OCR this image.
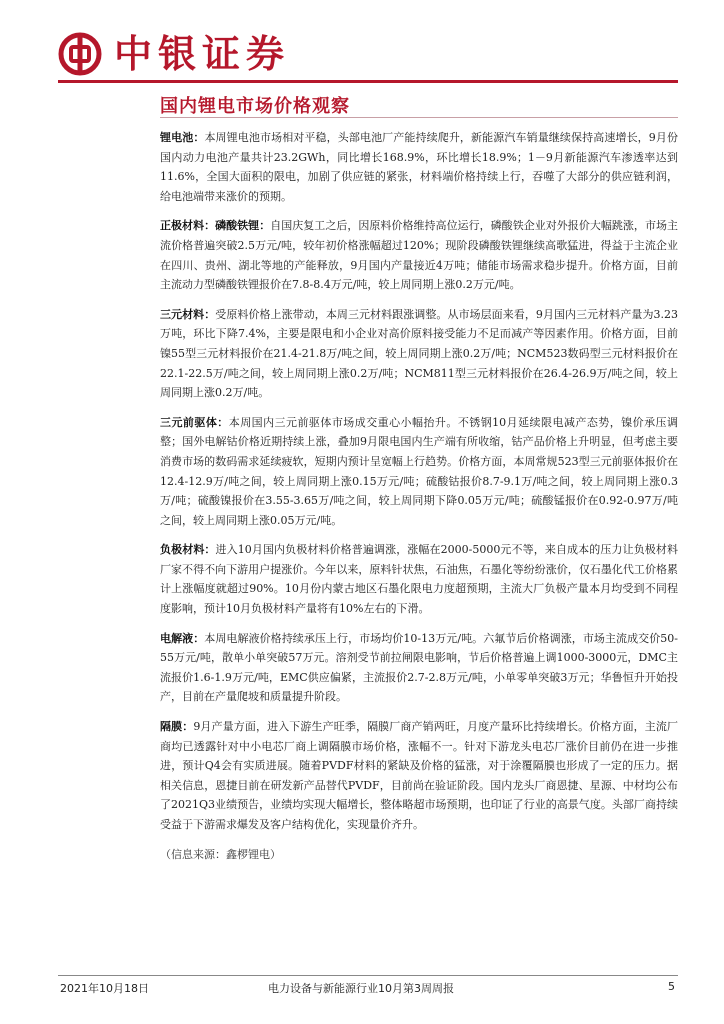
中银证券
国内锂电市场价格观察

锂电池：本周锂电池市场相对平稳，头部电池厂产能持续爬升，新能源汽车销量继续保持高速增长，9月份国内动力电池产量共计23.2GWh，同比增长168.9%，环比增长18.9%；1－9月新能源汽车渗透率达到11.6%，全国大面积的限电，加剧了供应链的紧张，材料端价格持续上行，吞噬了大部分的供应链利润，给电池端带来涨价的预期。

正极材料：磷酸铁锂：自国庆复工之后，因原料价格维持高位运行，磷酸铁企业对外报价大幅跳涨，市场主流价格普遍突破2.5万元/吨，较年初价格涨幅超过120%；现阶段磷酸铁锂继续高歌猛进，得益于主流企业在四川、贵州、湖北等地的产能释放，9月国内产量接近4万吨；储能市场需求稳步提升。价格方面，目前主流动力型磷酸铁锂报价在7.8-8.4万元/吨，较上周同期上涨0.2万元/吨。

三元材料：受原料价格上涨带动，本周三元材料跟涨调整。从市场层面来看，9月国内三元材料产量为3.23万吨，环比下降7.4%，主要是限电和小企业对高价原料接受能力不足而减产等因素作用。价格方面，目前镍55型三元材料报价在21.4-21.8万/吨之间，较上周同期上涨0.2万/吨；NCM523数码型三元材料报价在22.1-22.5万/吨之间，较上周同期上涨0.2万/吨；NCM811型三元材料报价在26.4-26.9万/吨之间，较上周同期上涨0.2万/吨。

三元前驱体：本周国内三元前驱体市场成交重心小幅抬升。不锈钢10月延续限电减产态势，镍价承压调整；国外电解钴价格近期持续上涨，叠加9月限电国内生产端有所收缩，钴产品价格上升明显，但考虑主要消费市场的数码需求延续疲软，短期内预计呈宽幅上行趋势。价格方面，本周常规523型三元前驱体报价在12.4-12.9万/吨之间，较上周同期上涨0.15万元/吨；硫酸钴报价8.7-9.1万/吨之间，较上周同期上涨0.3万/吨；硫酸镍报价在3.55-3.65万/吨之间，较上周同期下降0.05万元/吨；硫酸锰报价在0.92-0.97万/吨之间，较上周同期上涨0.05万元/吨。

负极材料：进入10月国内负极材料价格普遍调涨，涨幅在2000-5000元不等，来自成本的压力让负极材料厂家不得不向下游用户提涨价。今年以来，原料针状焦，石油焦，石墨化等纷纷涨价，仅石墨化代工价格累计上涨幅度就超过90%。10月份内蒙古地区石墨化限电力度超预期，主流大厂负极产量本月均受到不同程度影响，预计10月负极材料产量将有10%左右的下滑。

电解液：本周电解液价格持续承压上行，市场均价10-13万元/吨。六氟节后价格调涨，市场主流成交价50-55万元/吨，散单小单突破57万元。溶剂受节前拉闸限电影响，节后价格普遍上调1000-3000元，DMC主流报价1.6-1.9万元/吨，EMC供应偏紧，主流报价2.7-2.8万元/吨，小单零单突破3万元；华鲁恒升开始投产，目前在产量爬坡和质量提升阶段。

隔膜：9月产量方面，进入下游生产旺季，隔膜厂商产销两旺，月度产量环比持续增长。价格方面，主流厂商均已透露针对中小电芯厂商上调隔膜市场价格，涨幅不一。针对下游龙头电芯厂涨价目前仍在进一步推进，预计Q4会有实质进展。随着PVDF材料的紧缺及价格的猛涨，对于涂覆隔膜也形成了一定的压力。据相关信息，恩捷目前在研发新产品替代PVDF，目前尚在验证阶段。国内龙头厂商恩捷、星源、中材均公布了2021Q3业绩预告，业绩均实现大幅增长，整体略超市场预期，也印证了行业的高景气度。头部厂商持续受益于下游需求爆发及客户结构优化，实现量价齐升。

（信息来源：鑫椤锂电）

2021年10月18日	电力设备与新能源行业10月第3周周报	5
